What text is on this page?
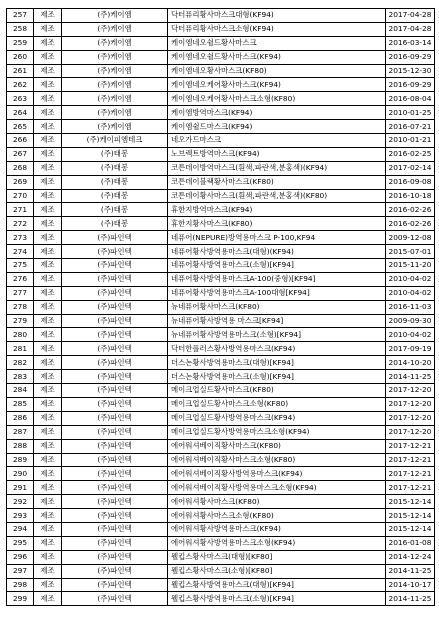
257	제조	(주)케이엠	닥터퓨리황사마스크대형(KF94)	2017-04-28
258	제조	(주)케이엠	닥터퓨리황사마스크소형(KF94)	2017-04-28
259	제조	(주)케이엠	케이엠네오쉴드황사마스크	2016-03-14
260	제조	(주)케이엠	케이엠네오쉴드황사마스크(KF94)	2016-09-29
261	제조	(주)케이엠	케이엠네오황사마스크(KF80)	2015-12-30
262	제조	(주)케이엠	케이엠네오케어황사마스크(KF94)	2016-09-29
263	제조	(주)케이엠	케이엠네오케어황사마스크소형(KF80)	2016-08-04
264	제조	(주)케이엠	케이엠방역마스크(KF94)	2010-01-25
265	제조	(주)케이엠	케이엠쉴드마스크(KF94)	2016-07-21
266	제조	(주)케이피엠테크	네오가드마스크	2010-01-21
267	제조	(주)태봉	노브렉트방역마스크(KF94)	2016-02-25
268	제조	(주)태봉	코튼데이방역마스크(흰색,파란색,분홍색)(KF94)	2017-02-14
269	제조	(주)태봉	코튼데이블랙황사마스크(KF80)	2016-09-08
270	제조	(주)태봉	코튼데이황사마스크(흰색,파란색,분홍색)(KF80)	2016-10-18
271	제조	(주)태봉	휴한지방역마스크(KF94)	2016-02-26
272	제조	(주)태봉	휴한지황사마스크(KF80)	2016-02-26
273	제조	(주)파인텍	네퓨어(NEPURE)방역용마스크 P-100,KF94	2009-12-08
274	제조	(주)파인텍	네퓨어황사방역용마스크(대형)(KF94)	2015-07-01
275	제조	(주)파인텍	네퓨어황사방역용마스크(소형)[KF94]	2015-11-20
276	제조	(주)파인텍	네퓨어황사방역용마스크A-100(중형)[KF94]	2010-04-02
277	제조	(주)파인텍	네퓨어황사방역용마스크A-100대형[KF94]	2010-04-02
278	제조	(주)파인텍	뉴네퓨어황사마스크(KF80)	2016-11-03
279	제조	(주)파인텍	뉴네퓨어황사방역용 마스크[KF94]	2009-09-30
280	제조	(주)파인텍	뉴네퓨어황사방역용마스크(소형)[KF94]	2010-04-02
281	제조	(주)파인텍	닥터한플러스황사방역용마스크(KF94)	2017-09-19
282	제조	(주)파인텍	더스논황사방역용마스크(대형)[KF94]	2014-10-20
283	제조	(주)파인텍	더스논황사방역용마스크(소형)[KF94]	2014-11-25
284	제조	(주)파인텍	메이크업실드황사마스크(KF80)	2017-12-20
285	제조	(주)파인텍	메이크업실드황사마스크소형(KF80)	2017-12-20
286	제조	(주)파인텍	메이크업실드황사방역용마스크(KF94)	2017-12-20
287	제조	(주)파인텍	메이크업실드황사방역용마스크소형(KF94)	2017-12-20
288	제조	(주)파인텍	에어워셔베이직황사마스크(KF80)	2017-12-21
289	제조	(주)파인텍	에어워셔베이직황사마스크소형(KF80)	2017-12-21
290	제조	(주)파인텍	에어워셔베이직황사방역용마스크(KF94)	2017-12-21
291	제조	(주)파인텍	에어워셔베이직황사방역용마스크소형(KF94)	2017-12-21
292	제조	(주)파인텍	에어워셔황사마스크(KF80)	2015-12-14
293	제조	(주)파인텍	에어워셔황사마스크소형(KF80)	2015-12-14
294	제조	(주)파인텍	에어워셔황사방역용마스크(KF94)	2015-12-14
295	제조	(주)파인텍	에어워셔황사방역용마스크소형(KF94)	2016-01-08
296	제조	(주)파인텍	웰킵스황사마스크(대형)[KF80]	2014-12-24
297	제조	(주)파인텍	웰킵스황사마스크(소형)[KF80]	2014-11-25
298	제조	(주)파인텍	웰킵스황사방역용마스크(대형)[KF94]	2014-10-17
299	제조	(주)파인텍	웰킵스황사방역용마스크(소형)[KF94]	2014-11-25
